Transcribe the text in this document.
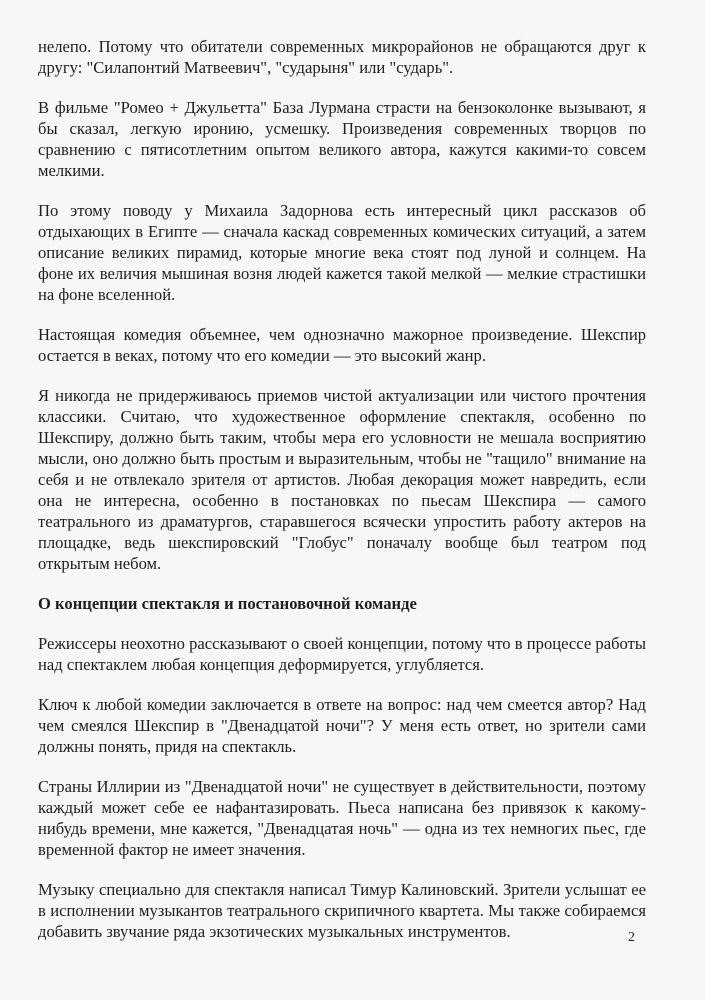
нелепо. Потому что обитатели современных микрорайонов не обращаются друг к другу: "Силапонтий Матвеевич", "сударыня" или "сударь".

В фильме "Ромео + Джульетта" База Лурмана страсти на бензоколонке вызывают, я бы сказал, легкую иронию, усмешку. Произведения современных творцов по сравнению с пятисотлетним опытом великого автора, кажутся какими-то совсем мелкими.

По этому поводу у Михаила Задорнова есть интересный цикл рассказов об отдыхающих в Египте — сначала каскад современных комических ситуаций, а затем описание великих пирамид, которые многие века стоят под луной и солнцем. На фоне их величия мышиная возня людей кажется такой мелкой — мелкие страстишки на фоне вселенной.

Настоящая комедия объемнее, чем однозначно мажорное произведение. Шекспир остается в веках, потому что его комедии — это высокий жанр.

Я никогда не придерживаюсь приемов чистой актуализации или чистого прочтения классики. Считаю, что художественное оформление спектакля, особенно по Шекспиру, должно быть таким, чтобы мера его условности не мешала восприятию мысли, оно должно быть простым и выразительным, чтобы не "тащило" внимание на себя и не отвлекало зрителя от артистов. Любая декорация может навредить, если она не интересна, особенно в постановках по пьесам Шекспира — самого театрального из драматургов, старавшегося всячески упростить работу актеров на площадке, ведь шекспировский "Глобус" поначалу вообще был театром под открытым небом.

О концепции спектакля и постановочной команде

Режиссеры неохотно рассказывают о своей концепции, потому что в процессе работы над спектаклем любая концепция деформируется, углубляется.

Ключ к любой комедии заключается в ответе на вопрос: над чем смеется автор? Над чем смеялся Шекспир в "Двенадцатой ночи"? У меня есть ответ, но зрители сами должны понять, придя на спектакль.

Страны Иллирии из "Двенадцатой ночи" не существует в действительности, поэтому каждый может себе ее нафантазировать. Пьеса написана без привязок к какому-нибудь времени, мне кажется, "Двенадцатая ночь" — одна из тех немногих пьес, где временной фактор не имеет значения.

Музыку специально для спектакля написал Тимур Калиновский. Зрители услышат ее в исполнении музыкантов театрального скрипичного квартета. Мы также собираемся добавить звучание ряда экзотических музыкальных инструментов.	2
